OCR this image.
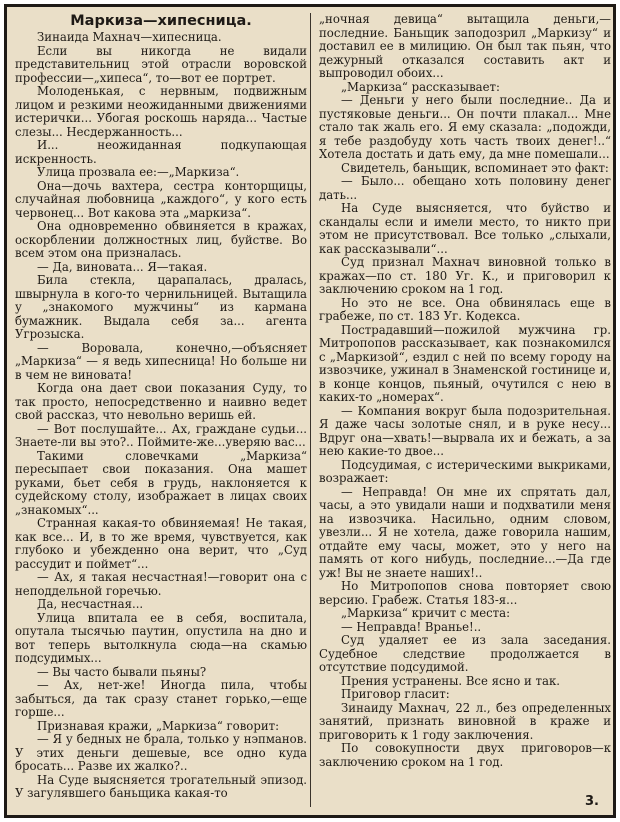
Маркиза—хипесница.

Зинаида Махнач—хипесница.

Если вы никогда не видали представительниц этой отрасли воровской профессии—„хипеса“, то—вот ее портрет.

Молоденькая, с нервным, подвижным лицом и резкими неожиданными движениями истерички... Убогая роскошь наряда... Частые слезы... Несдержанность...

И... неожиданная подкупающая искренность.

Улица прозвала ее:—„Маркиза“.

Она—дочь вахтера, сестра конторщицы, случайная любовница „каждого“, у кого есть червонец... Вот какова эта „маркиза“.

Она одновременно обвиняется в кражах, оскорблении должностных лиц, буйстве. Во всем этом она призналась.

— Да, виновата... Я—такая.

Била стекла, царапалась, дралась, швырнула в кого-то чернильницей. Вытащила у „знакомого мужчины“ из кармана бумажник. Выдала себя за... агента Угрозыска.

— Воровала, конечно,—объясняет „Маркиза“ — я ведь хипесница! Но больше ни в чем не виновата!

Когда она дает свои показания Суду, то так просто, непосредственно и наивно ведет свой рассказ, что невольно веришь ей.

— Вот послушайте... Ах, граждане судьи... Знаете-ли вы это?.. Поймите-же...уверяю вас...

Такими словечками „Маркиза“ пересыпает свои показания. Она машет руками, бьет себя в грудь, наклоняется к судейскому столу, изображает в лицах своих „знакомых“...

Странная какая-то обвиняемая! Не такая, как все... И, в то же время, чувствуется, как глубоко и убежденно она верит, что „Суд рассудит и поймет“...

— Ах, я такая несчастная!—говорит она с неподдельной горечью.

Да, несчастная...

Улица впитала ее в себя, воспитала, опутала тысячью паутин, опустила на дно и вот теперь вытолкнула сюда—на скамью подсудимых...

— Вы часто бывали пьяны?

— Ах, нет-же! Иногда пила, чтобы забыться, да так сразу станет горько,—еще горше...

Признавая кражи, „Маркиза“ говорит:

— Я у бедных не брала, только у нэпманов. У этих деньги дешевые, все одно куда бросать... Разве их жалко?..

На Суде выясняется трогательный эпизод. У загулявшего баньщика какая-то

„ночная девица“ вытащила деньги,—последние. Баньщик заподозрил „Маркизу“ и доставил ее в милицию. Он был так пьян, что дежурный отказался составить акт и выпроводил обоих...

„Маркиза“ рассказывает:

— Деньги у него были последние.. Да и пустяковые деньги... Он почти плакал... Мне стало так жаль его. Я ему сказала: „подожди, я тебе раздобуду хоть часть твоих денег!..“ Хотела достать и дать ему, да мне помешали...

Свидетель, баньщик, вспоминает это факт:

— Было... обещано хоть половину денег дать...

На Суде выясняется, что буйство и скандалы если и имели место, то никто при этом не присутствовал. Все только „слыхали, как рассказывали“...

Суд признал Махнач виновной только в кражах—по ст. 180 Уг. К., и приговорил к заключению сроком на 1 год.

Но это не все. Она обвинялась еще в грабеже, по ст. 183 Уг. Кодекса.

Пострадавший—пожилой мужчина гр. Митропопов рассказывает, как познакомился с „Маркизой“, ездил с ней по всему городу на извозчике, ужинал в Знаменской гостинице и, в конце концов, пьяный, очутился с нею в каких-то „номерах“.

— Компания вокруг была подозрительная. Я даже часы золотые снял, и в руке несу... Вдруг она—хвать!—вырвала их и бежать, а за нею какие-то двое...

Подсудимая, с истерическими выкриками, возражает:

— Неправда! Он мне их спрятать дал, часы, а это увидали наши и подхватили меня на извозчика. Насильно, одним словом, увезли... Я не хотела, даже говорила нашим, отдайте ему часы, может, это у него на память от кого нибудь, последние...—Да где уж! Вы не знаете наших!..

Но Митропопов снова повторяет свою версию. Грабеж. Статья 183-я...

„Маркиза“ кричит с места:

— Неправда! Вранье!..

Суд удаляет ее из зала заседания. Судебное следствие продолжается в отсутствие подсудимой.

Прения устранены. Все ясно и так.

Приговор гласит:

Зинаиду Махнач, 22 л., без определенных занятий, признать виновной в краже и приговорить к 1 году заключения.

По совокупности двух приговоров—к заключению сроком на 1 год.

3.
